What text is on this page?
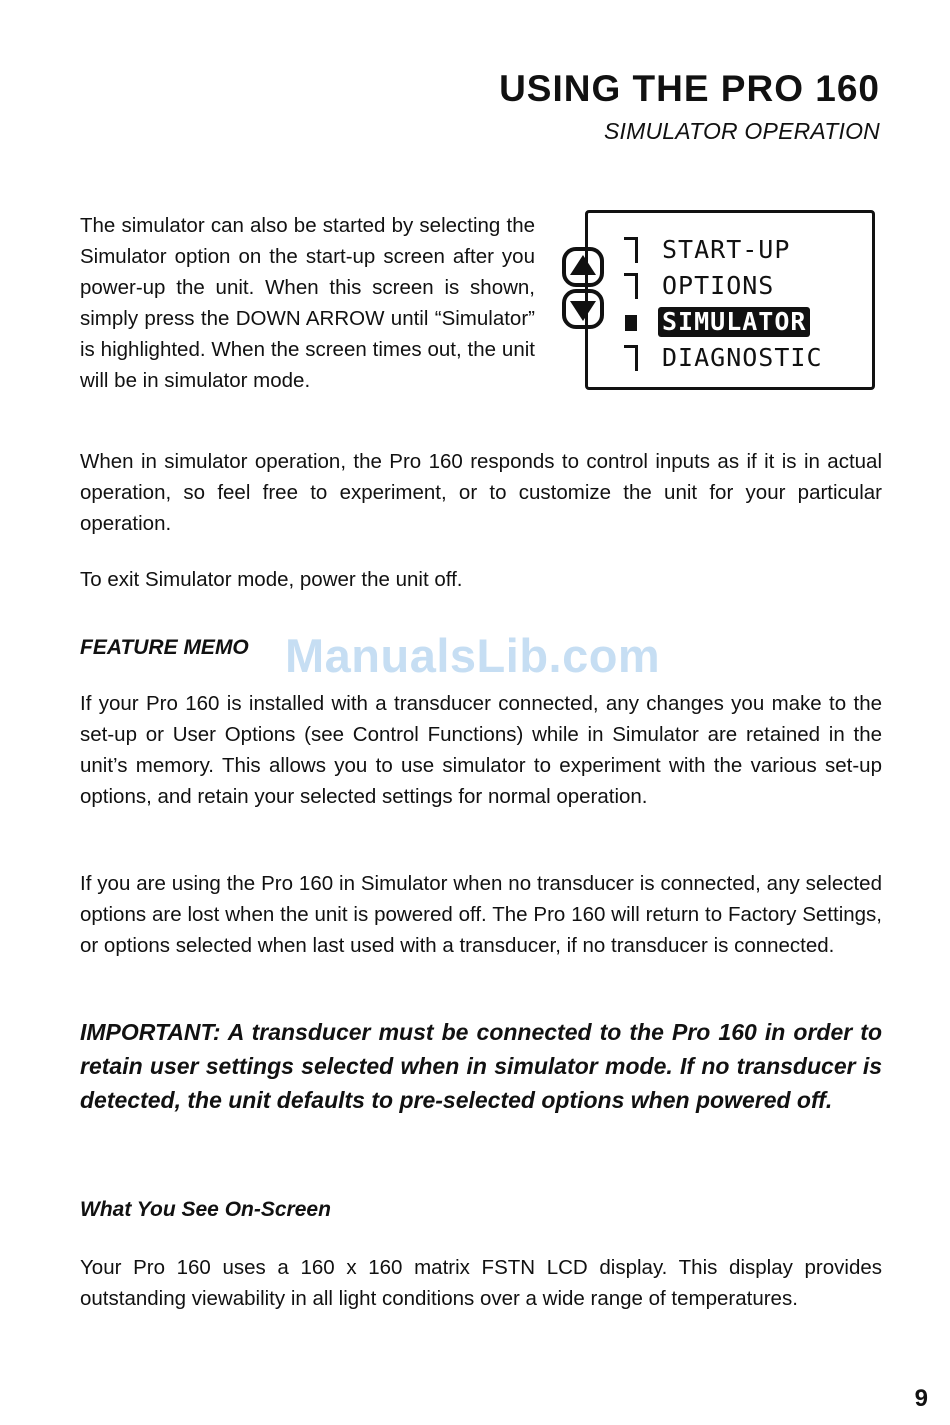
USING THE PRO 160
SIMULATOR OPERATION

The simulator can also be started by selecting the Simulator option on the start-up screen after you power-up the unit. When this screen is shown, simply press the DOWN ARROW until “Simulator” is highlighted. When the screen times out, the unit will be in simulator mode.

START-UP
OPTIONS
SIMULATOR
DIAGNOSTIC

When in simulator operation, the Pro 160 responds to control inputs as if it is in actual operation, so feel free to experiment, or to customize the unit for your particular operation.

To exit Simulator mode, power the unit off.

FEATURE MEMO ManualsLib.com

If your Pro 160 is installed with a transducer connected, any changes you make to the set-up or User Options (see Control Functions) while in Simulator are retained in the unit’s memory. This allows you to use simulator to experiment with the various set-up options, and retain your selected settings for normal operation.

If you are using the Pro 160 in Simulator when no transducer is connected, any selected options are lost when the unit is powered off. The Pro 160 will return to Factory Settings, or options selected when last used with a transducer, if no transducer is connected.

IMPORTANT: A transducer must be connected to the Pro 160 in order to retain user settings selected when in simulator mode. If no transducer is detected, the unit defaults to pre-selected options when powered off.

What You See On-Screen

Your Pro 160 uses a 160 x 160 matrix FSTN LCD display. This display provides outstanding viewability in all light conditions over a wide range of temperatures.

9
